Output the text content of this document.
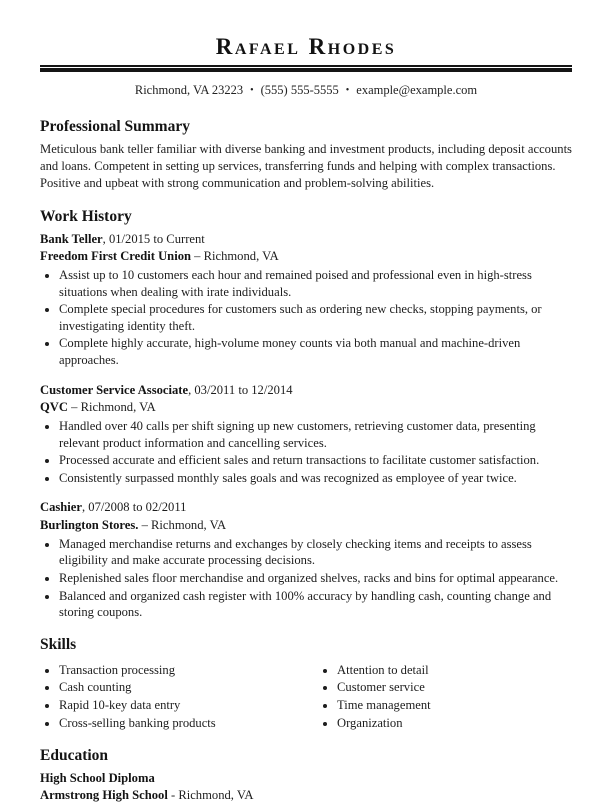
Rafael Rhodes
Richmond, VA 23223 • (555) 555-5555 • example@example.com
Professional Summary

Meticulous bank teller familiar with diverse banking and investment products, including deposit accounts and loans. Competent in setting up services, transferring funds and helping with complex transactions. Positive and upbeat with strong communication and problem-solving abilities.

Work History
Bank Teller, 01/2015 to Current
Freedom First Credit Union – Richmond, VA
• Assist up to 10 customers each hour and remained poised and professional even in high-stress situations when dealing with irate individuals.
• Complete special procedures for customers such as ordering new checks, stopping payments, or investigating identity theft.
• Complete highly accurate, high-volume money counts via both manual and machine-driven approaches.
Customer Service Associate, 03/2011 to 12/2014
QVC – Richmond, VA
• Handled over 40 calls per shift signing up new customers, retrieving customer data, presenting relevant product information and cancelling services.
• Processed accurate and efficient sales and return transactions to facilitate customer satisfaction.
• Consistently surpassed monthly sales goals and was recognized as employee of year twice.
Cashier, 07/2008 to 02/2011
Burlington Stores. – Richmond, VA
• Managed merchandise returns and exchanges by closely checking items and receipts to assess eligibility and make accurate processing decisions.
• Replenished sales floor merchandise and organized shelves, racks and bins for optimal appearance.
• Balanced and organized cash register with 100% accuracy by handling cash, counting change and storing coupons.
Skills
• Transaction processing
• Cash counting
• Rapid 10-key data entry
• Cross-selling banking products
• Attention to detail
• Customer service
• Time management
• Organization
Education
High School Diploma
Armstrong High School - Richmond, VA
